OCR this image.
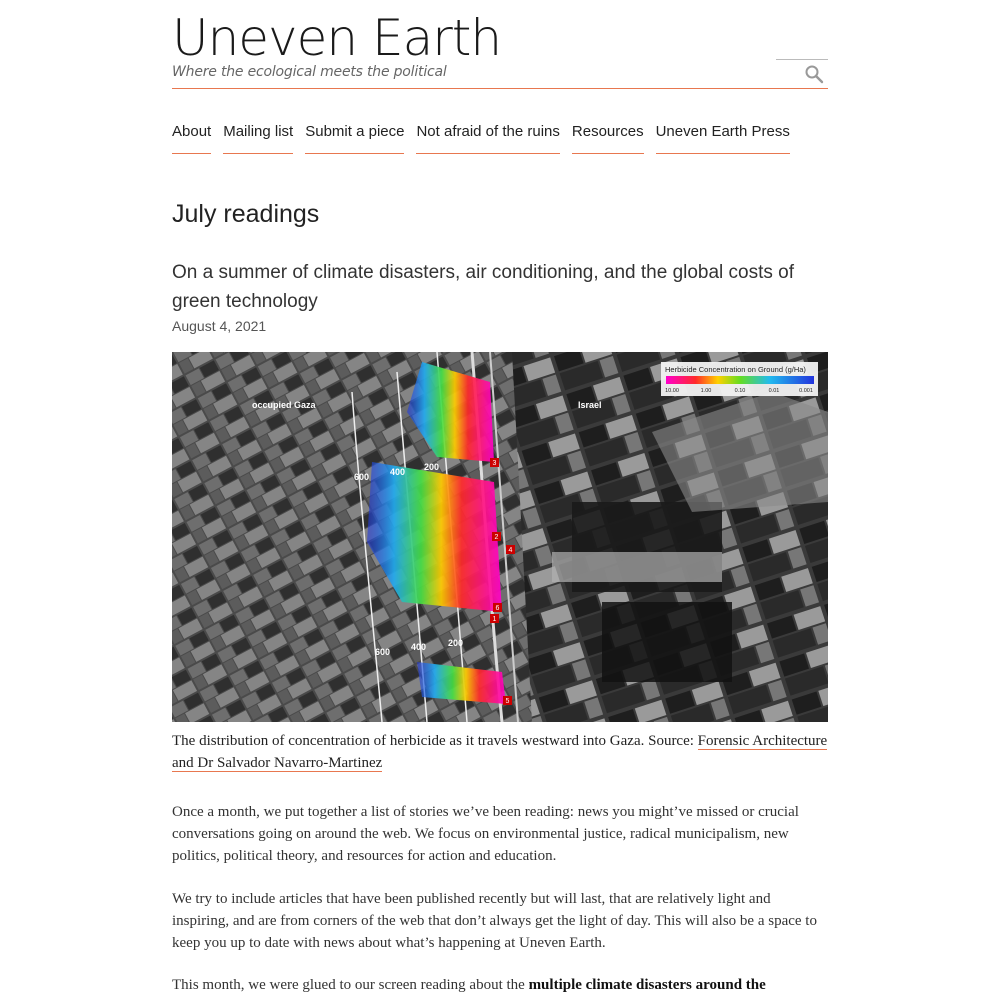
Uneven Earth
Where the ecological meets the political
About Mailing list Submit a piece Not afraid of the ruins Resources Uneven Earth Press
July readings
On a summer of climate disasters, air conditioning, and the global costs of green technology
August 4, 2021
3
2
4
6
1
5
occupied Gaza	Israel
600 400 200
600 400 200
Herbicide Concentration on Ground (g/Ha)
10.00	1.00	0.10	0.01	0.001
The distribution of concentration of herbicide as it travels westward into Gaza. Source: Forensic Architecture and Dr Salvador Navarro-Martinez

Once a month, we put together a list of stories we’ve been reading: news you might’ve missed or crucial conversations going on around the web. We focus on environmental justice, radical municipalism, new politics, political theory, and resources for action and education.

We try to include articles that have been published recently but will last, that are relatively light and inspiring, and are from corners of the web that don’t always get the light of day. This will also be a space to keep you up to date with news about what’s happening at Uneven Earth.

This month, we were glued to our screen reading about the multiple climate disasters around the
